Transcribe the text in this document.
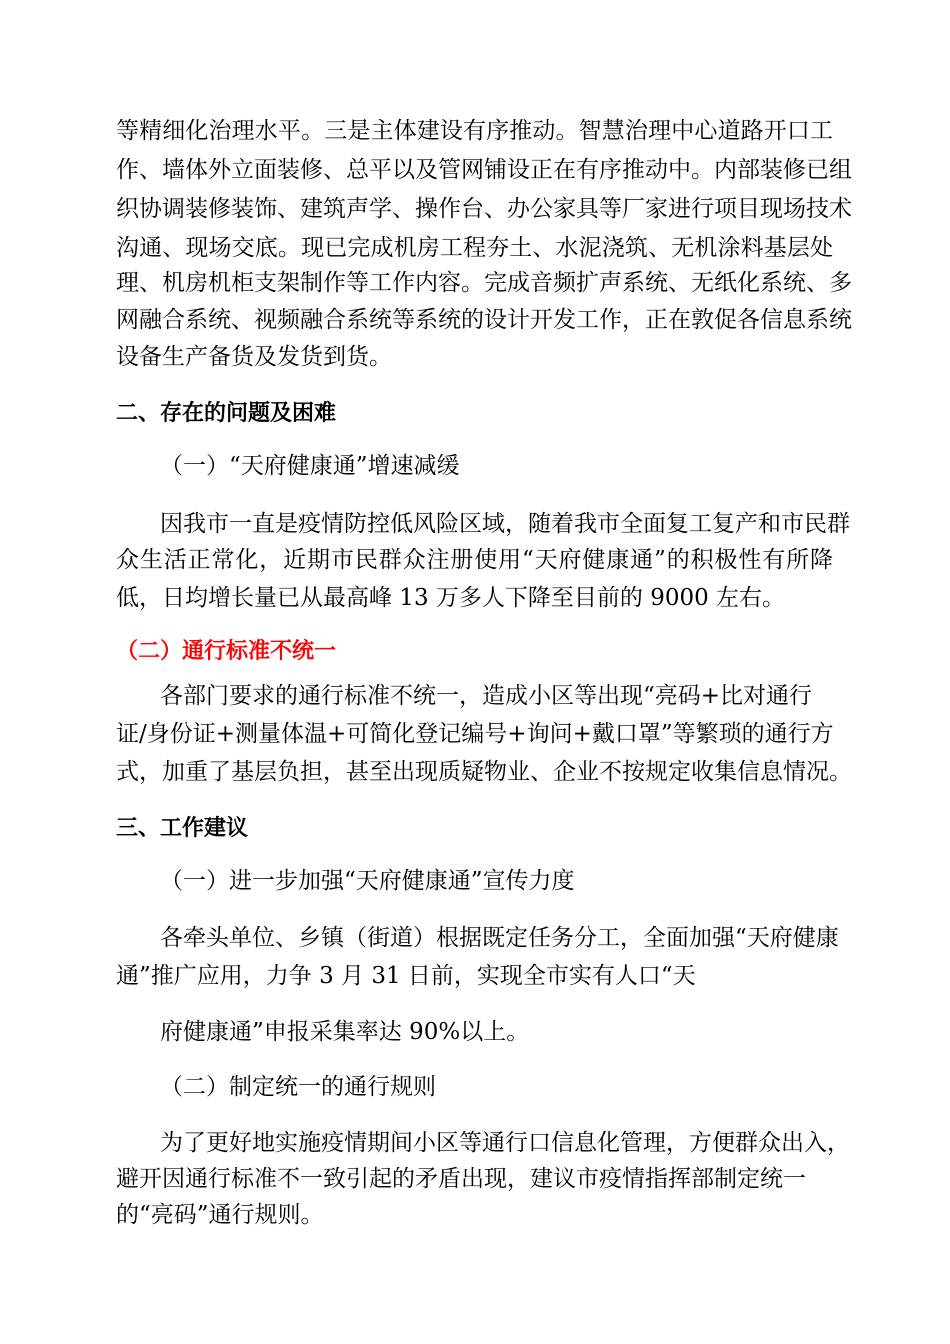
等精细化治理水平。三是主体建设有序推动。智慧治理中心道路开口工
作、墙体外立面装修、总平以及管网铺设正在有序推动中。内部装修已组
织协调装修装饰、建筑声学、操作台、办公家具等厂家进行项目现场技术
沟通、现场交底。现已完成机房工程夯土、水泥浇筑、无机涂料基层处
理、机房机柜支架制作等工作内容。完成音频扩声系统、无纸化系统、多
网融合系统、视频融合系统等系统的设计开发工作，正在敦促各信息系统
设备生产备货及发货到货。
二、存在的问题及困难
（一）“天府健康通”增速减缓
因我市一直是疫情防控低风险区域，随着我市全面复工复产和市民群
众生活正常化，近期市民群众注册使用“天府健康通”的积极性有所降
低，日均增长量已从最高峰 13 万多人下降至目前的 9000 左右。
（二）通行标准不统一
各部门要求的通行标准不统一，造成小区等出现“亮码+比对通行
证/身份证+测量体温+可简化登记编号+询问+戴口罩”等繁琐的通行方
式，加重了基层负担，甚至出现质疑物业、企业不按规定收集信息情况。
三、工作建议
（一）进一步加强“天府健康通”宣传力度
各牵头单位、乡镇（街道）根据既定任务分工，全面加强“天府健康
通”推广应用，力争 3 月 31 日前，实现全市实有人口“天
府健康通”申报采集率达 90%以上。
（二）制定统一的通行规则
为了更好地实施疫情期间小区等通行口信息化管理，方便群众出入，
避开因通行标准不一致引起的矛盾出现，建议市疫情指挥部制定统一
的“亮码”通行规则。
